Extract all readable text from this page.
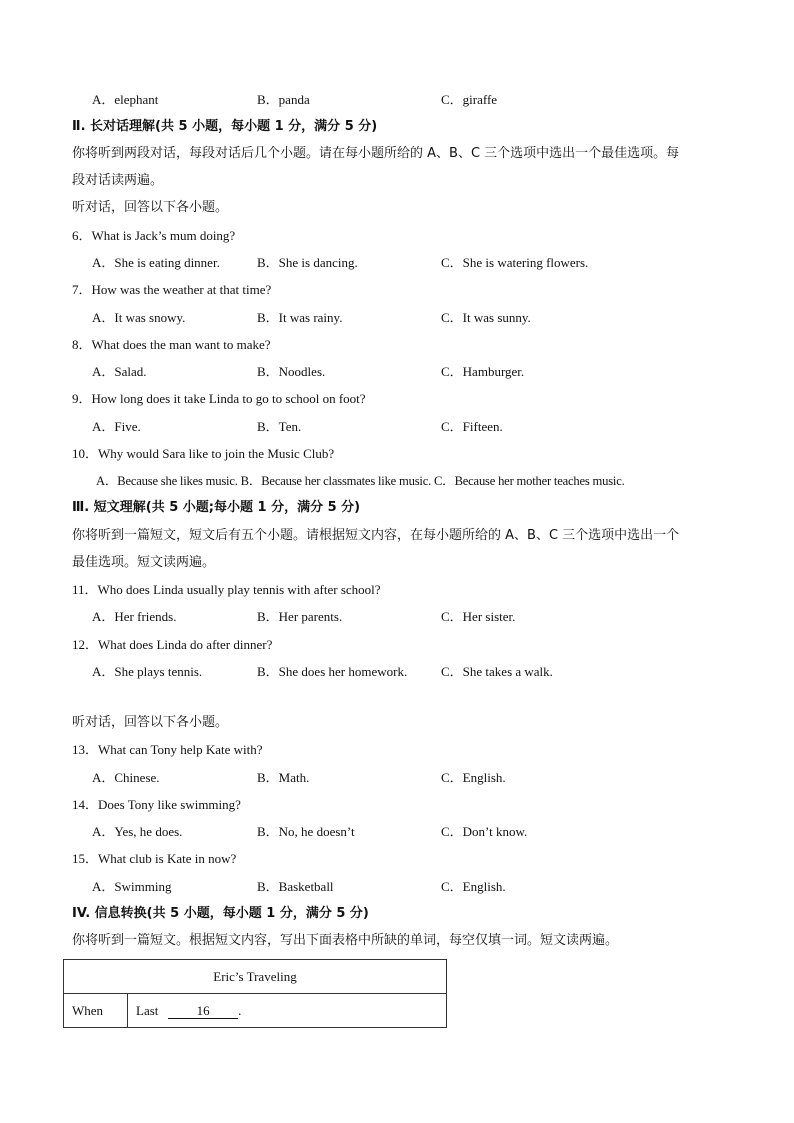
A．elephant	B．panda	C．giraffe
Ⅱ. 长对话理解(共 5 小题，每小题 1 分，满分 5 分)
你将听到两段对话，每段对话后几个小题。请在每小题所给的 A、B、C 三个选项中选出一个最佳选项。每
段对话读两遍。
听对话，回答以下各小题。
6．What is Jack’s mum doing?
A．She is eating dinner.	B．She is dancing.	C．She is watering flowers.
7．How was the weather at that time?
A．It was snowy.	B．It was rainy.	C．It was sunny.
8．What does the man want to make?
A．Salad.	B．Noodles.	C．Hamburger.
9．How long does it take Linda to go to school on foot?
A．Five.	B．Ten.	C．Fifteen.
10．Why would Sara like to join the Music Club?
A．Because she likes music. B．Because her classmates like music. C．Because her mother teaches music.
Ⅲ. 短文理解(共 5 小题;每小题 1 分，满分 5 分)
你将听到一篇短文，短文后有五个小题。请根据短文内容，在每小题所给的 A、B、C 三个选项中选出一个
最佳选项。短文读两遍。
11．Who does Linda usually play tennis with after school?
A．Her friends.	B．Her parents.	C．Her sister.
12．What does Linda do after dinner?
A．She plays tennis.	B．She does her homework.	C．She takes a walk.
听对话，回答以下各小题。
13．What can Tony help Kate with?
A．Chinese.	B．Math.	C．English.
14．Does Tony like swimming?
A．Yes, he does.	B．No, he doesn’t	C．Don’t know.
15．What club is Kate in now?
A．Swimming	B．Basketball	C．English.
IV. 信息转换(共 5 小题，每小题 1 分，满分 5 分)
你将听到一篇短文。根据短文内容，写出下面表格中所缺的单词，每空仅填一词。短文读两遍。
Eric’s Traveling
When	Last	16 .
